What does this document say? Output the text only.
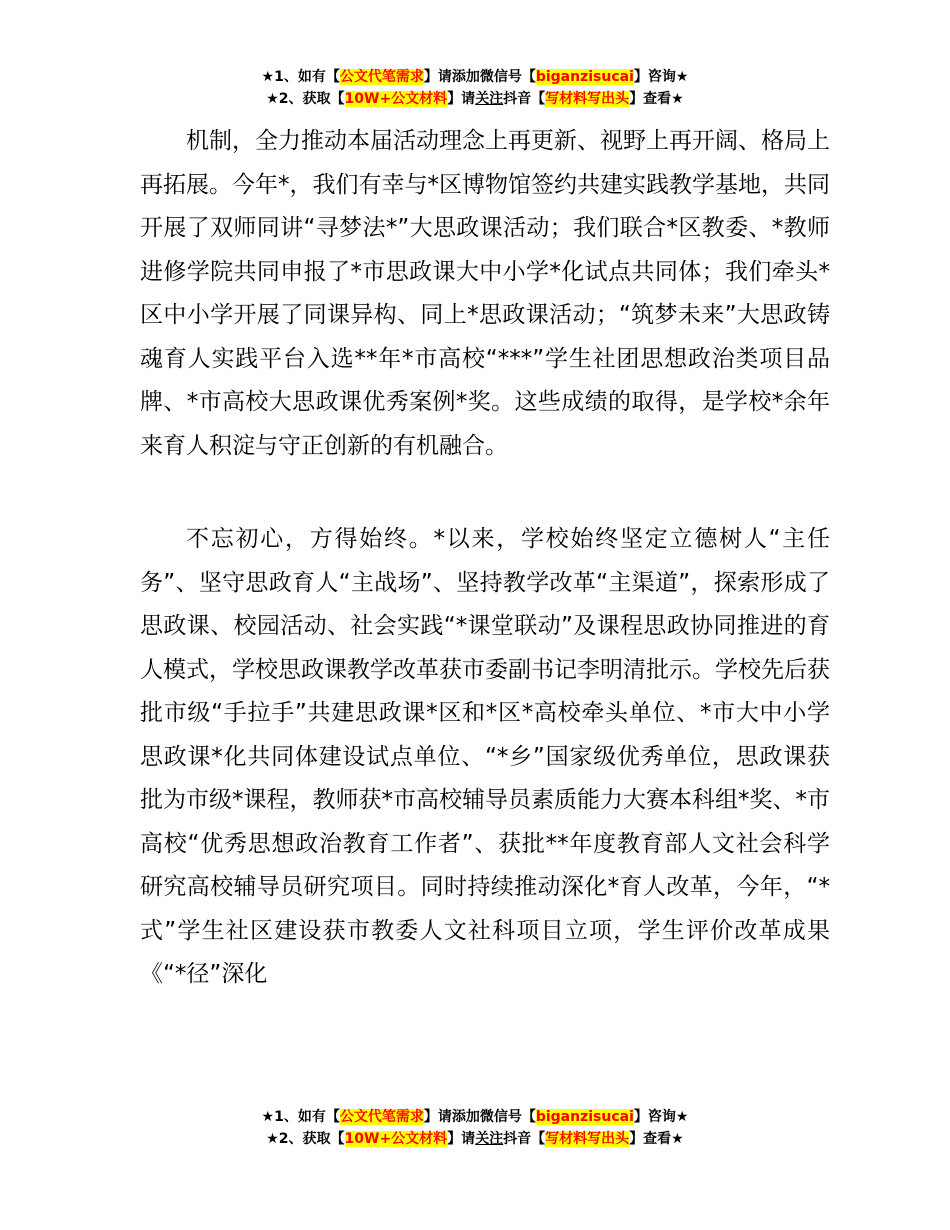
★1、如有【公文代笔需求】请添加微信号【biganzisucai】咨询★
★2、获取【10W+公文材料】请关注抖音【写材料写出头】查看★

机制，全力推动本届活动理念上再更新、视野上再开阔、格局上再拓展。今年*，我们有幸与*区博物馆签约共建实践教学基地，共同开展了双师同讲“寻梦法*”大思政课活动；我们联合*区教委、*教师进修学院共同申报了*市思政课大中小学*化试点共同体；我们牵头*区中小学开展了同课异构、同上*思政课活动；“筑梦未来”大思政铸魂育人实践平台入选**年*市高校“***”学生社团思想政治类项目品牌、*市高校大思政课优秀案例*奖。这些成绩的取得，是学校*余年来育人积淀与守正创新的有机融合。

不忘初心，方得始终。*以来，学校始终坚定立德树人“主任务”、坚守思政育人“主战场”、坚持教学改革“主渠道”，探索形成了思政课、校园活动、社会实践“*课堂联动”及课程思政协同推进的育人模式，学校思政课教学改革获市委副书记李明清批示。学校先后获批市级“手拉手”共建思政课*区和*区*高校牵头单位、*市大中小学思政课*化共同体建设试点单位、“*乡”国家级优秀单位，思政课获批为市级*课程，教师获*市高校辅导员素质能力大赛本科组*奖、*市高校“优秀思想政治教育工作者”、获批**年度教育部人文社会科学研究高校辅导员研究项目。同时持续推动深化*育人改革，今年，“*式”学生社区建设获市教委人文社科项目立项，学生评价改革成果《“*径”深化

★1、如有【公文代笔需求】请添加微信号【biganzisucai】咨询★
★2、获取【10W+公文材料】请关注抖音【写材料写出头】查看★
